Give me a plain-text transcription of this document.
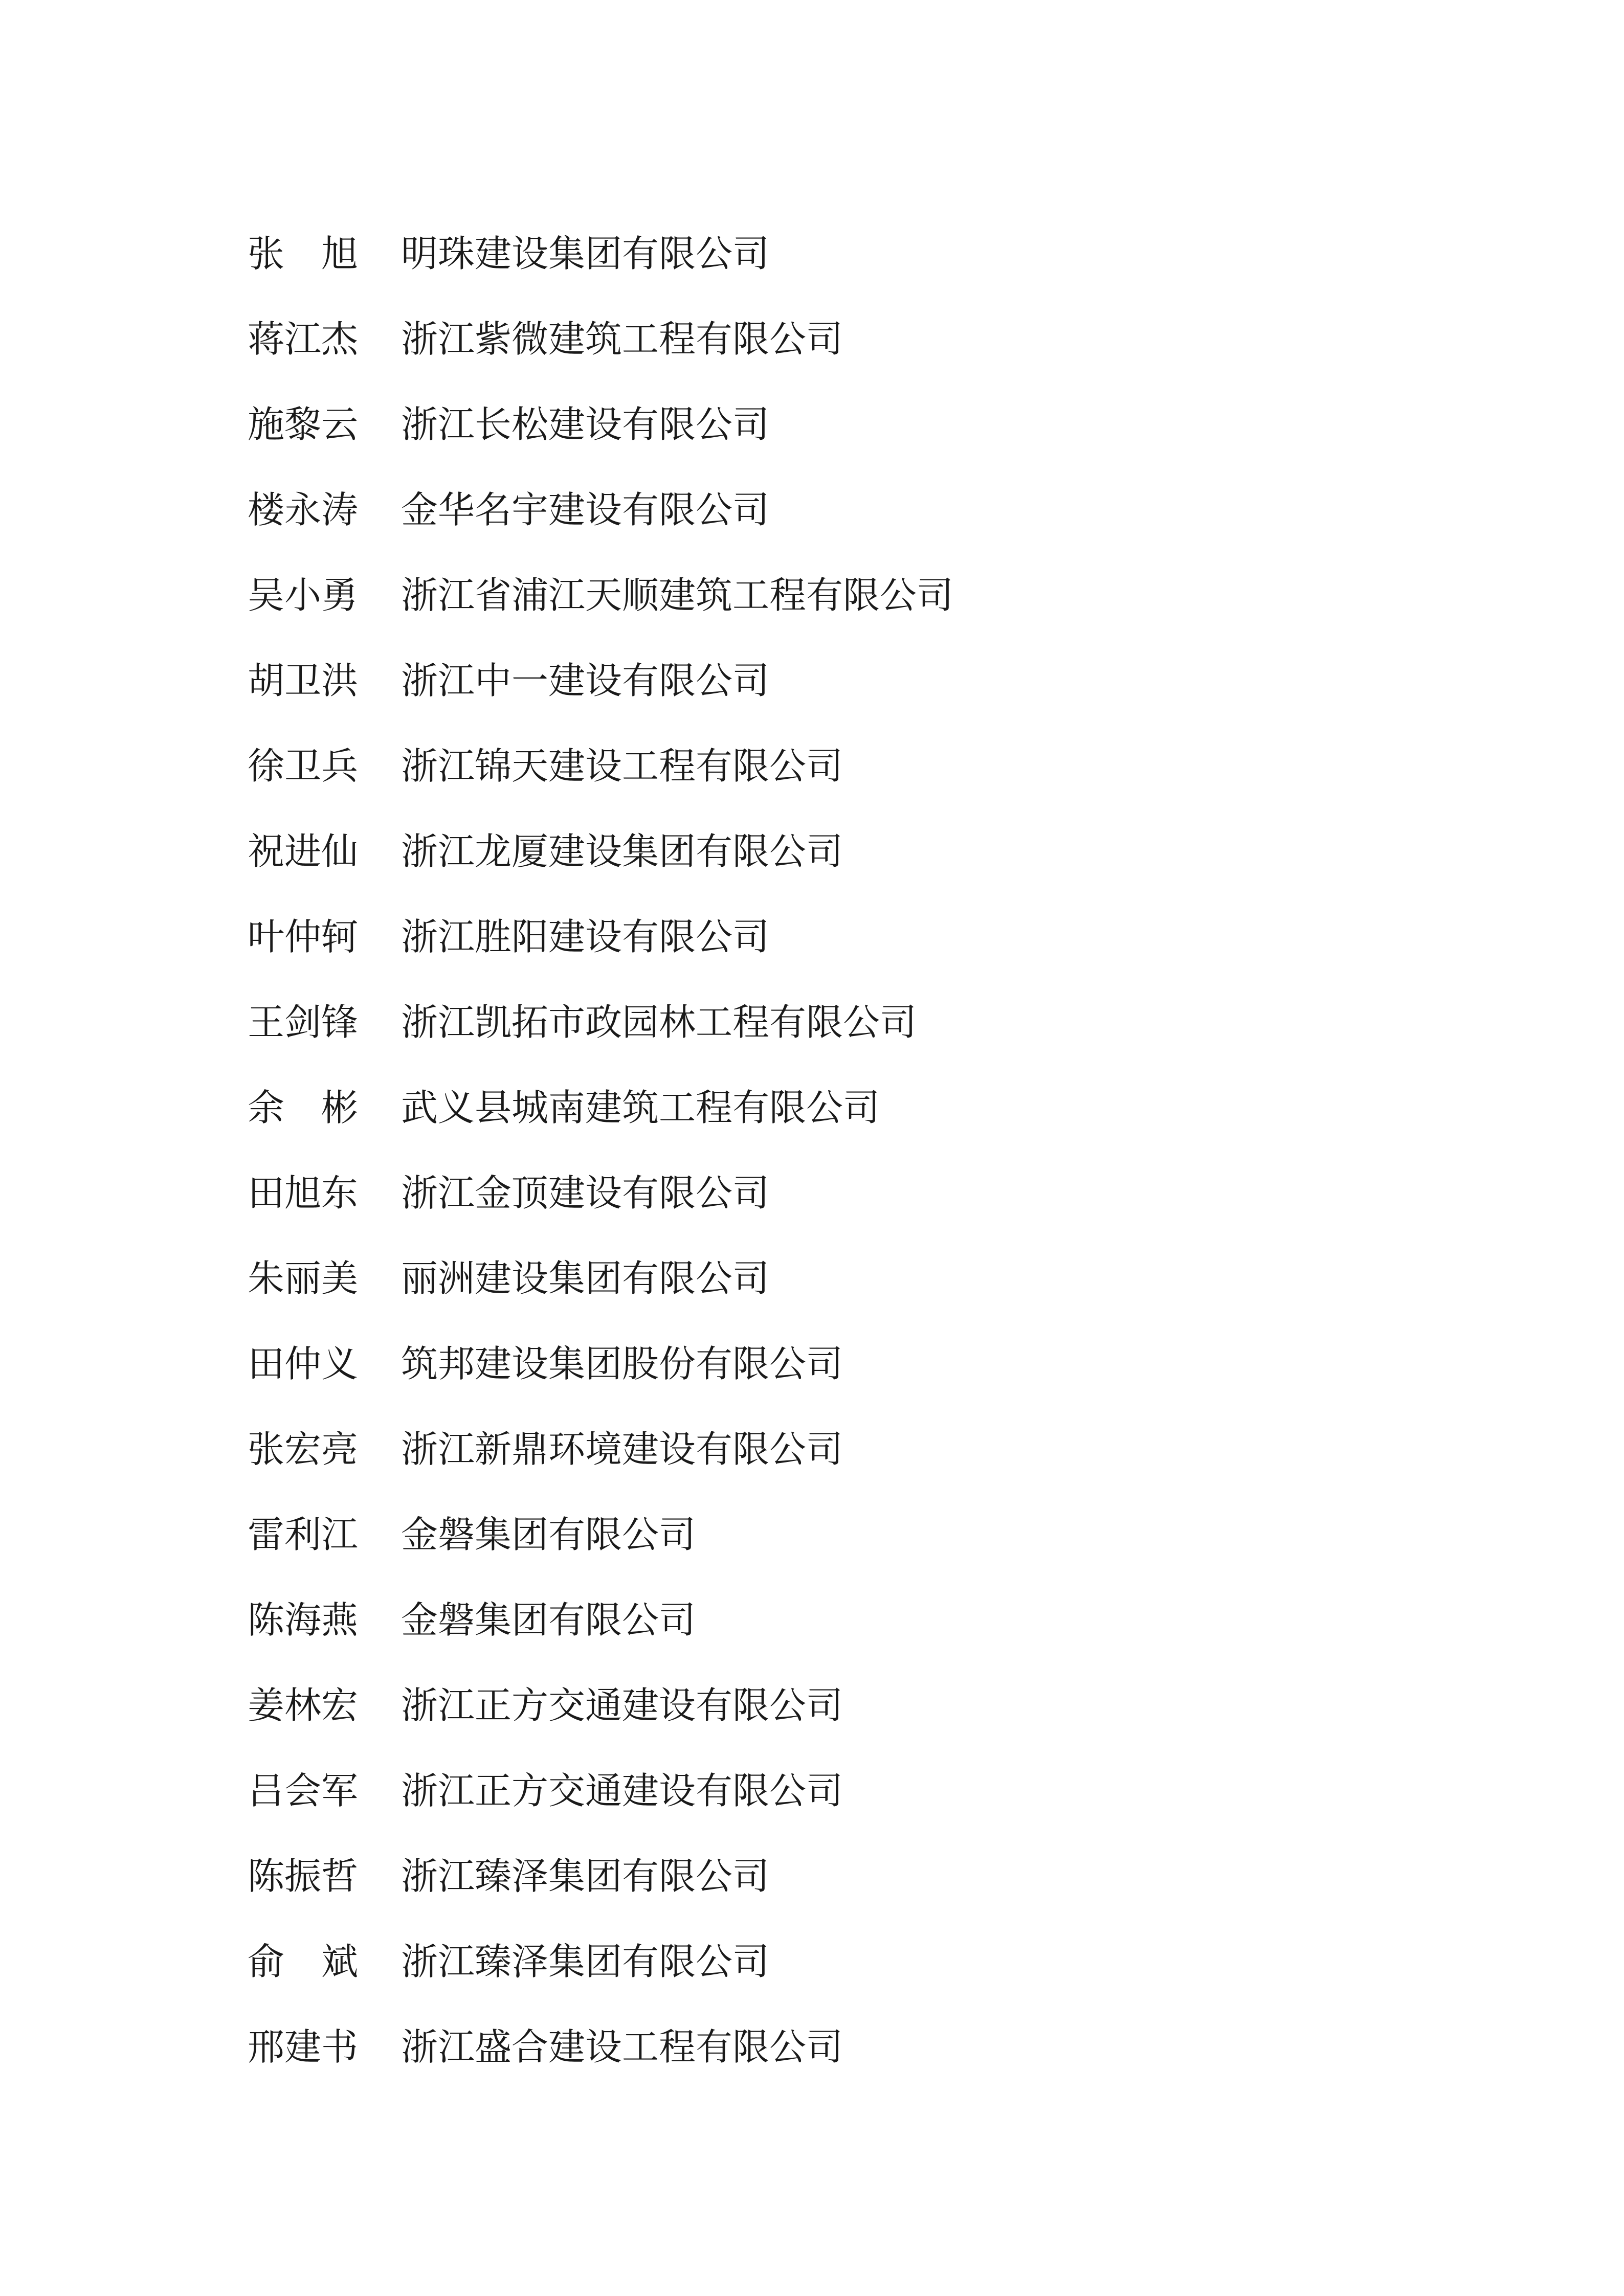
张　旭	明珠建设集团有限公司
蒋江杰	浙江紫微建筑工程有限公司
施黎云	浙江长松建设有限公司
楼永涛	金华名宇建设有限公司
吴小勇	浙江省浦江天顺建筑工程有限公司
胡卫洪	浙江中一建设有限公司
徐卫兵	浙江锦天建设工程有限公司
祝进仙	浙江龙厦建设集团有限公司
叶仲轲	浙江胜阳建设有限公司
王剑锋	浙江凯拓市政园林工程有限公司
余　彬	武义县城南建筑工程有限公司
田旭东	浙江金顶建设有限公司
朱丽美	丽洲建设集团有限公司
田仲义	筑邦建设集团股份有限公司
张宏亮	浙江新鼎环境建设有限公司
雷利江	金磐集团有限公司
陈海燕	金磐集团有限公司
姜林宏	浙江正方交通建设有限公司
吕会军	浙江正方交通建设有限公司
陈振哲	浙江臻泽集团有限公司
俞　斌	浙江臻泽集团有限公司
邢建书	浙江盛合建设工程有限公司
